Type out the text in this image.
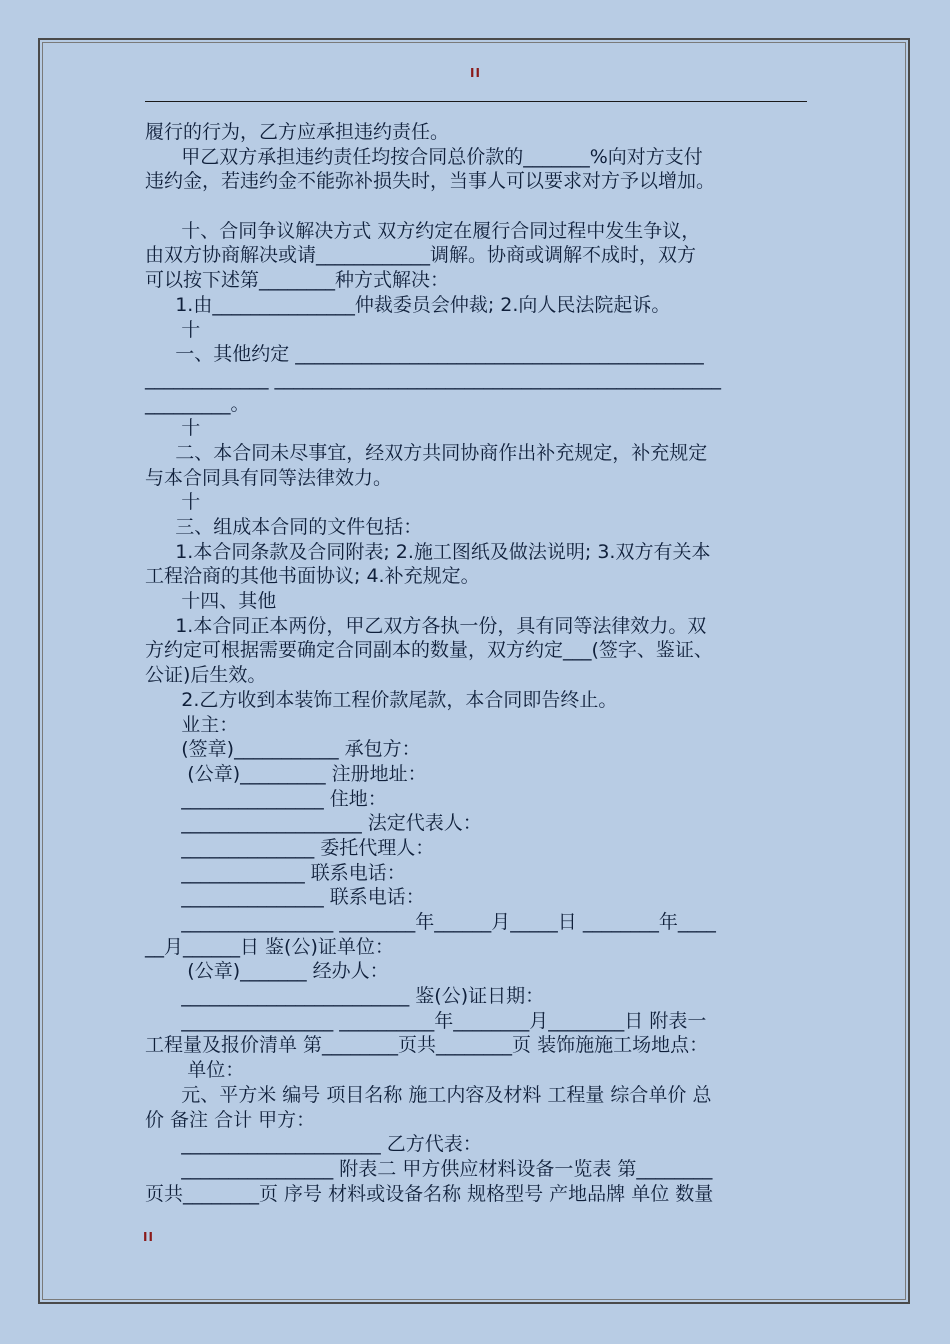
II
履行的行为，乙方应承担违约责任。
甲乙双方承担违约责任均按合同总价款的_______%向对方支付
违约金，若违约金不能弥补损失时，当事人可以要求对方予以增加。
十、合同争议解决方式 双方约定在履行合同过程中发生争议，
由双方协商解决或请____________调解。协商或调解不成时，双方
可以按下述第________种方式解决：
1.由_______________仲裁委员会仲裁; 2.向人民法院起诉。
十
一、其他约定 ___________________________________________
_____________ _______________________________________________
_________。
十
二、本合同未尽事宜，经双方共同协商作出补充规定，补充规定
与本合同具有同等法律效力。
十
三、组成本合同的文件包括：
1.本合同条款及合同附表; 2.施工图纸及做法说明; 3.双方有关本
工程洽商的其他书面协议; 4.补充规定。
十四、其他
1.本合同正本两份，甲乙双方各执一份，具有同等法律效力。双
方约定可根据需要确定合同副本的数量，双方约定___(签字、鉴证、
公证)后生效。
2.乙方收到本装饰工程价款尾款，本合同即告终止。
业主：
(签章)___________ 承包方：
(公章)_________ 注册地址：
_______________ 住地：
___________________ 法定代表人：
______________ 委托代理人：
_____________ 联系电话：
_______________ 联系电话：
________________ ________年______月_____日 ________年____
__月______日 鉴(公)证单位：
(公章)_______ 经办人：
________________________ 鉴(公)证日期：
________________ __________年________月________日 附表一
工程量及报价清单 第________页共________页 装饰施施工场地点：
单位：
元、平方米 编号 项目名称 施工内容及材料 工程量 综合单价 总
价 备注 合计 甲方：
_____________________ 乙方代表：
________________ 附表二 甲方供应材料设备一览表 第________
页共________页 序号 材料或设备名称 规格型号 产地品牌 单位 数量
II
